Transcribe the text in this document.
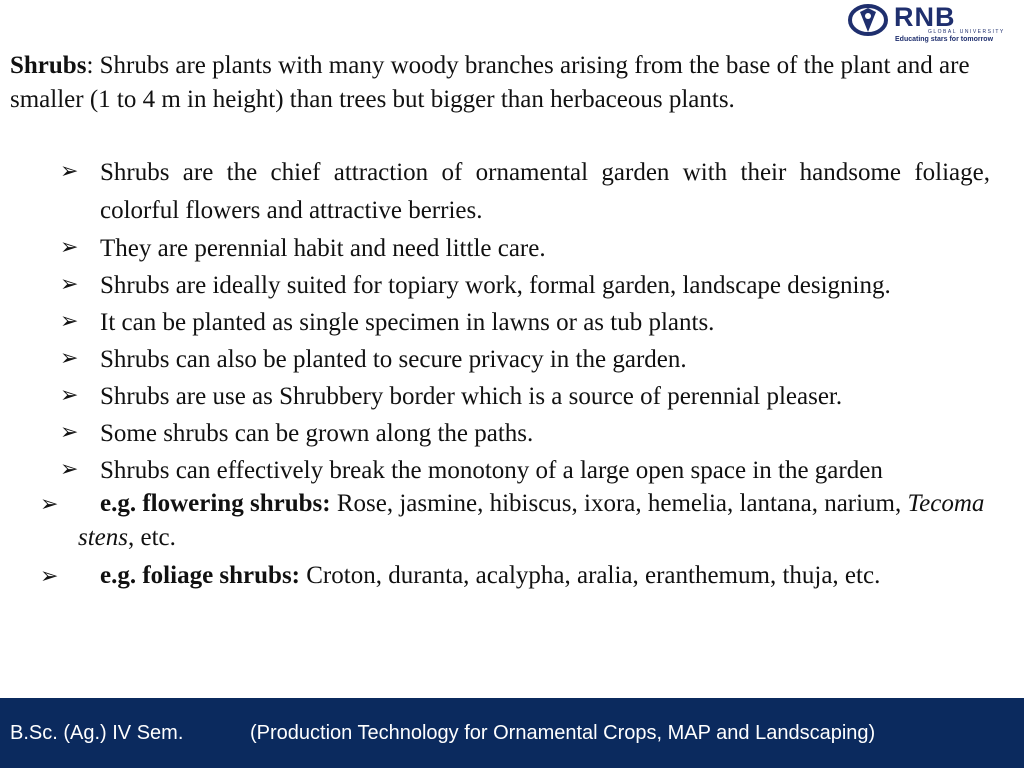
RNB
GLOBAL UNIVERSITY
Educating stars for tomorrow

Shrubs: Shrubs are plants with many woody branches arising from the base of the plant and are smaller (1 to 4 m in height) than trees but bigger than herbaceous plants.

➢ Shrubs are the chief attraction of ornamental garden with their handsome foliage, colorful flowers and attractive berries.
➢ They are perennial habit and need little care.
➢ Shrubs are ideally suited for topiary work, formal garden, landscape designing.
➢ It can be planted as single specimen in lawns or as tub plants.
➢ Shrubs can also be planted to secure privacy in the garden.
➢ Shrubs are use as Shrubbery border which is a source of perennial pleaser.
➢ Some shrubs can be grown along the paths.
➢ Shrubs can effectively break the monotony of a large open space in the garden
➢ e.g. flowering shrubs: Rose, jasmine, hibiscus, ixora, hemelia, lantana, narium, Tecoma stens, etc.
➢ e.g. foliage shrubs: Croton, duranta, acalypha, aralia, eranthemum, thuja, etc.
B.Sc. (Ag.) IV Sem.	(Production Technology for Ornamental Crops, MAP and Landscaping)
